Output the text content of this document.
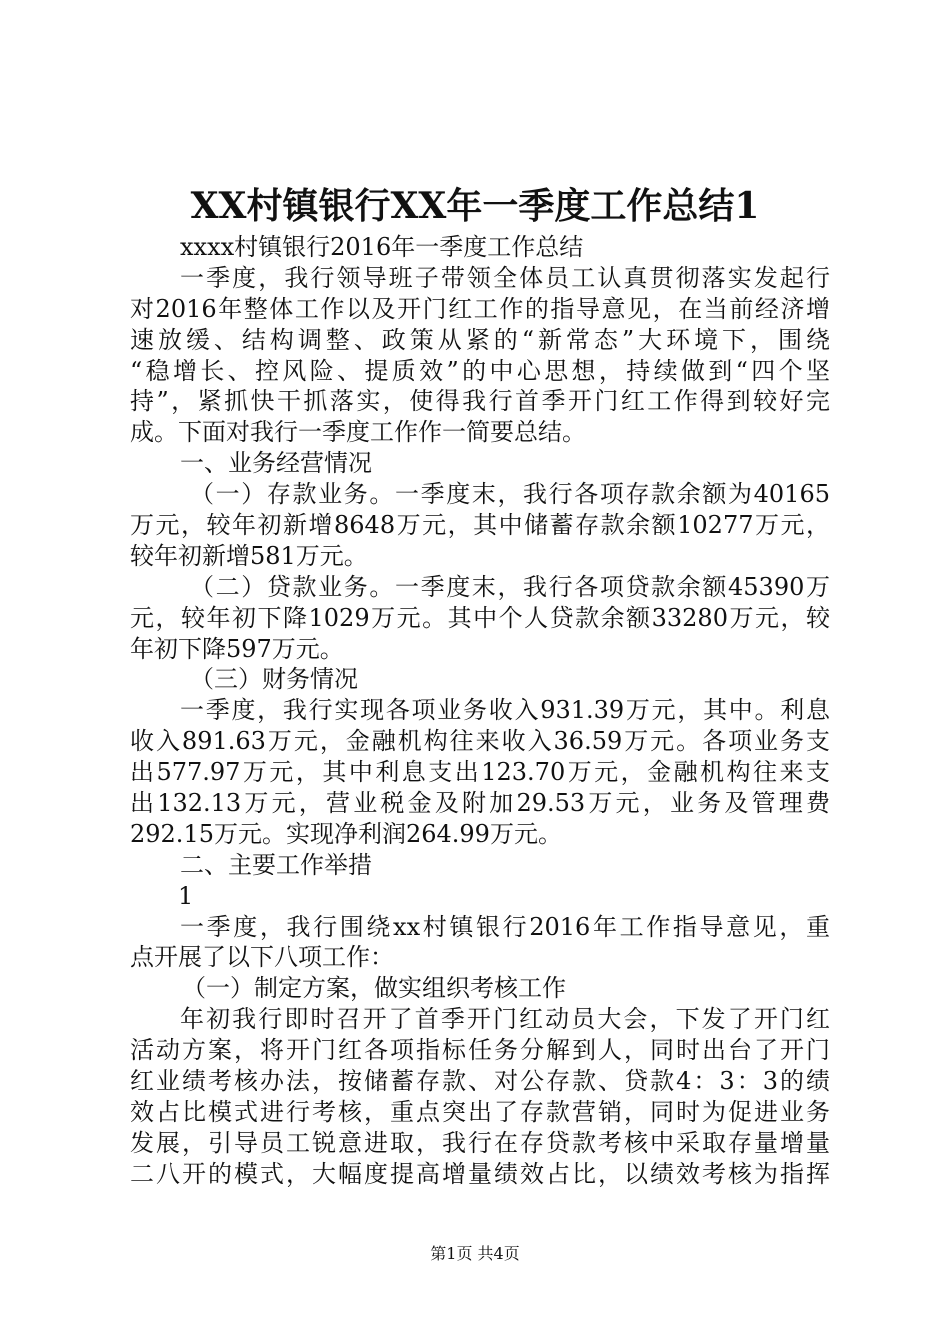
XX村镇银行XX年一季度工作总结1
xxxx村镇银行2016年一季度工作总结
一季度，我行领导班子带领全体员工认真贯彻落实发起行
对2016年整体工作以及开门红工作的指导意见，在当前经济增
速放缓、结构调整、政策从紧的“新常态”大环境下，围绕
“稳增长、控风险、提质效”的中心思想，持续做到“四个坚
持”，紧抓快干抓落实，使得我行首季开门红工作得到较好完
成。下面对我行一季度工作作一简要总结。
一、业务经营情况
（一）存款业务。一季度末，我行各项存款余额为40165
万元，较年初新增8648万元，其中储蓄存款余额10277万元，
较年初新增581万元。
（二）贷款业务。一季度末，我行各项贷款余额45390万
元，较年初下降1029万元。其中个人贷款余额33280万元，较
年初下降597万元。
（三）财务情况
一季度，我行实现各项业务收入931.39万元，其中。利息
收入891.63万元，金融机构往来收入36.59万元。各项业务支
出577.97万元，其中利息支出123.70万元，金融机构往来支
出132.13万元，营业税金及附加29.53万元，业务及管理费
292.15万元。实现净利润264.99万元。
二、主要工作举措
1
一季度，我行围绕xx村镇银行2016年工作指导意见，重
点开展了以下八项工作：
（一）制定方案，做实组织考核工作
年初我行即时召开了首季开门红动员大会，下发了开门红
活动方案，将开门红各项指标任务分解到人，同时出台了开门
红业绩考核办法，按储蓄存款、对公存款、贷款4：3：3的绩
效占比模式进行考核，重点突出了存款营销，同时为促进业务
发展，引导员工锐意进取，我行在存贷款考核中采取存量增量
二八开的模式，大幅度提高增量绩效占比，以绩效考核为指挥
第1页 共4页
